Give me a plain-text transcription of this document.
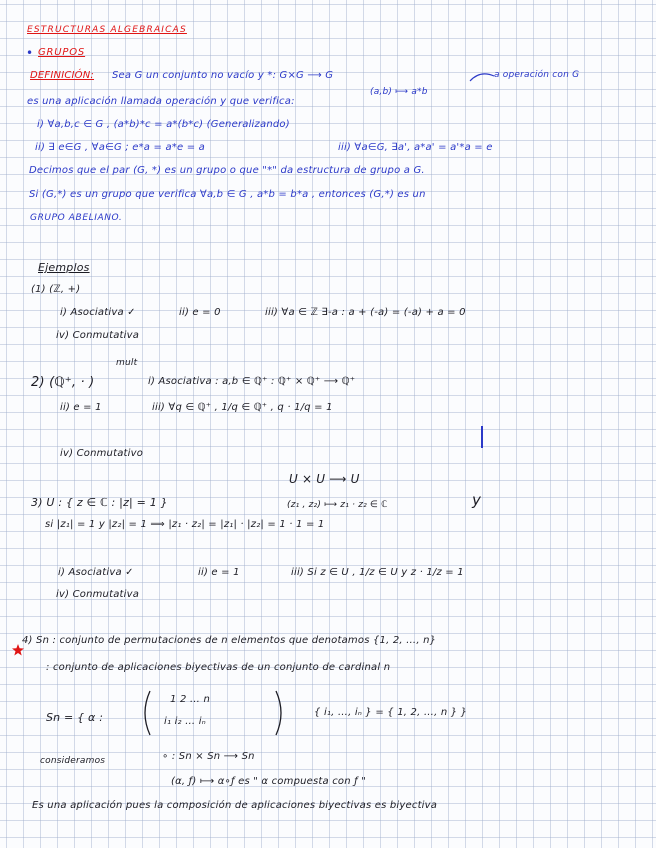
ESTRUCTURAS ALGEBRAICAS
• GRUPOS
DEFINICIÓN: Sea G un conjunto no vacío y *: G×G ⟶ G	a operación con G
(a,b) ⟼ a*b
es una aplicación llamada operación y que verifica:
i) ∀a,b,c ∈ G , (a*b)*c = a*(b*c) (Generalizando)
ii) ∃ e∈G , ∀a∈G ; e*a = a*e = a	iii) ∀a∈G, ∃a', a*a' = a'*a = e
Decimos que el par (G, *) es un grupo o que "*" da estructura de grupo a G.
Si (G,*) es un grupo que verifica ∀a,b ∈ G , a*b = b*a , entonces (G,*) es un
GRUPO ABELIANO.
Ejemplos
(1) (ℤ, +)
i) Asociativa ✓	ii) e = 0	iii) ∀a ∈ ℤ ∃-a : a + (-a) = (-a) + a = 0
iv) Conmutativa
mult
2) (ℚ⁺, · )	i) Asociativa : a,b ∈ ℚ⁺ : ℚ⁺ × ℚ⁺ ⟶ ℚ⁺
ii) e = 1	iii) ∀q ∈ ℚ⁺ , 1/q ∈ ℚ⁺ , q · 1/q = 1
iv) Conmutativo
U × U ⟶ U
(z₁ , z₂) ⟼ z₁ · z₂ ∈ ℂ	y
3) U : { z ∈ ℂ : |z| = 1 }
si |z₁| = 1 y |z₂| = 1 ⟹ |z₁ · z₂| = |z₁| · |z₂| = 1 · 1 = 1
i) Asociativa ✓	ii) e = 1	iii) Si z ∈ U , 1/z ∈ U y z · 1/z = 1
iv) Conmutativa
4) Sn : conjunto de permutaciones de n elementos que denotamos {1, 2, …, n}
: conjunto de aplicaciones biyectivas de un conjunto de cardinal n
Sn = { α :
1 2 … n
i₁ i₂ … iₙ
{ i₁, …, iₙ } = { 1, 2, …, n } }
consideramos	∘ : Sn × Sn ⟶ Sn
(α, ƒ) ⟼ α∘ƒ es " α compuesta con ƒ "
Es una aplicación pues la composición de aplicaciones biyectivas es biyectiva
